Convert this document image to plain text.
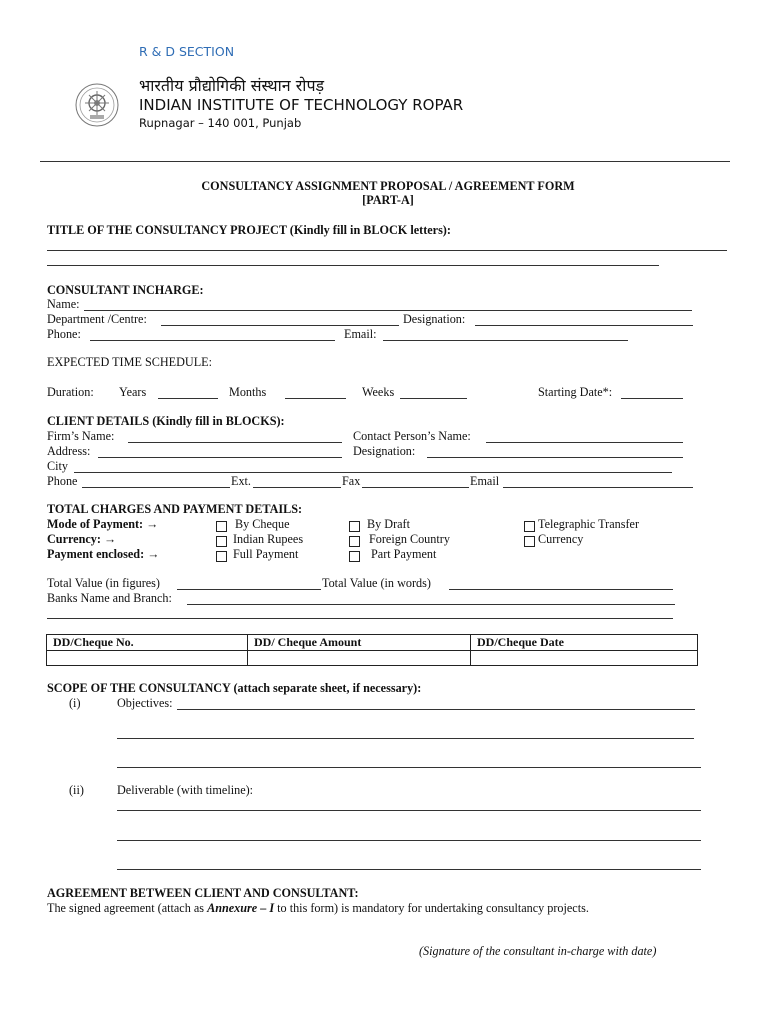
R & D SECTION
भारतीय प्रौद्योगिकी संस्थान रोपड़
INDIAN INSTITUTE OF TECHNOLOGY ROPAR
Rupnagar – 140 001, Punjab
CONSULTANCY ASSIGNMENT PROPOSAL / AGREEMENT FORM
[PART-A]
TITLE OF THE CONSULTANCY PROJECT (Kindly fill in BLOCK letters):
CONSULTANT INCHARGE:
Name:
Department /Centre:	Designation:
Phone:	Email:
EXPECTED TIME SCHEDULE:
Duration: Years	Months	Weeks	Starting Date*:
CLIENT DETAILS (Kindly fill in BLOCKS):
Firm’s Name:	Contact Person’s Name:
Address:	Designation:
City
Phone	Ext.	Fax	Email
TOTAL CHARGES AND PAYMENT DETAILS:
Mode of Payment: →	By Cheque	By Draft	Telegraphic Transfer
Currency: →	Indian Rupees	Foreign Country	Currency
Payment enclosed: →	Full Payment	Part Payment
Total Value (in figures)	Total Value (in words)
Banks Name and Branch:
DD/Cheque No.	DD/ Cheque Amount	DD/Cheque Date

SCOPE OF THE CONSULTANCY (attach separate sheet, if necessary):
(i)	Objectives:
(ii)	Deliverable (with timeline):
AGREEMENT BETWEEN CLIENT AND CONSULTANT:
The signed agreement (attach as Annexure – I to this form) is mandatory for undertaking consultancy projects.
(Signature of the consultant in-charge with date)
